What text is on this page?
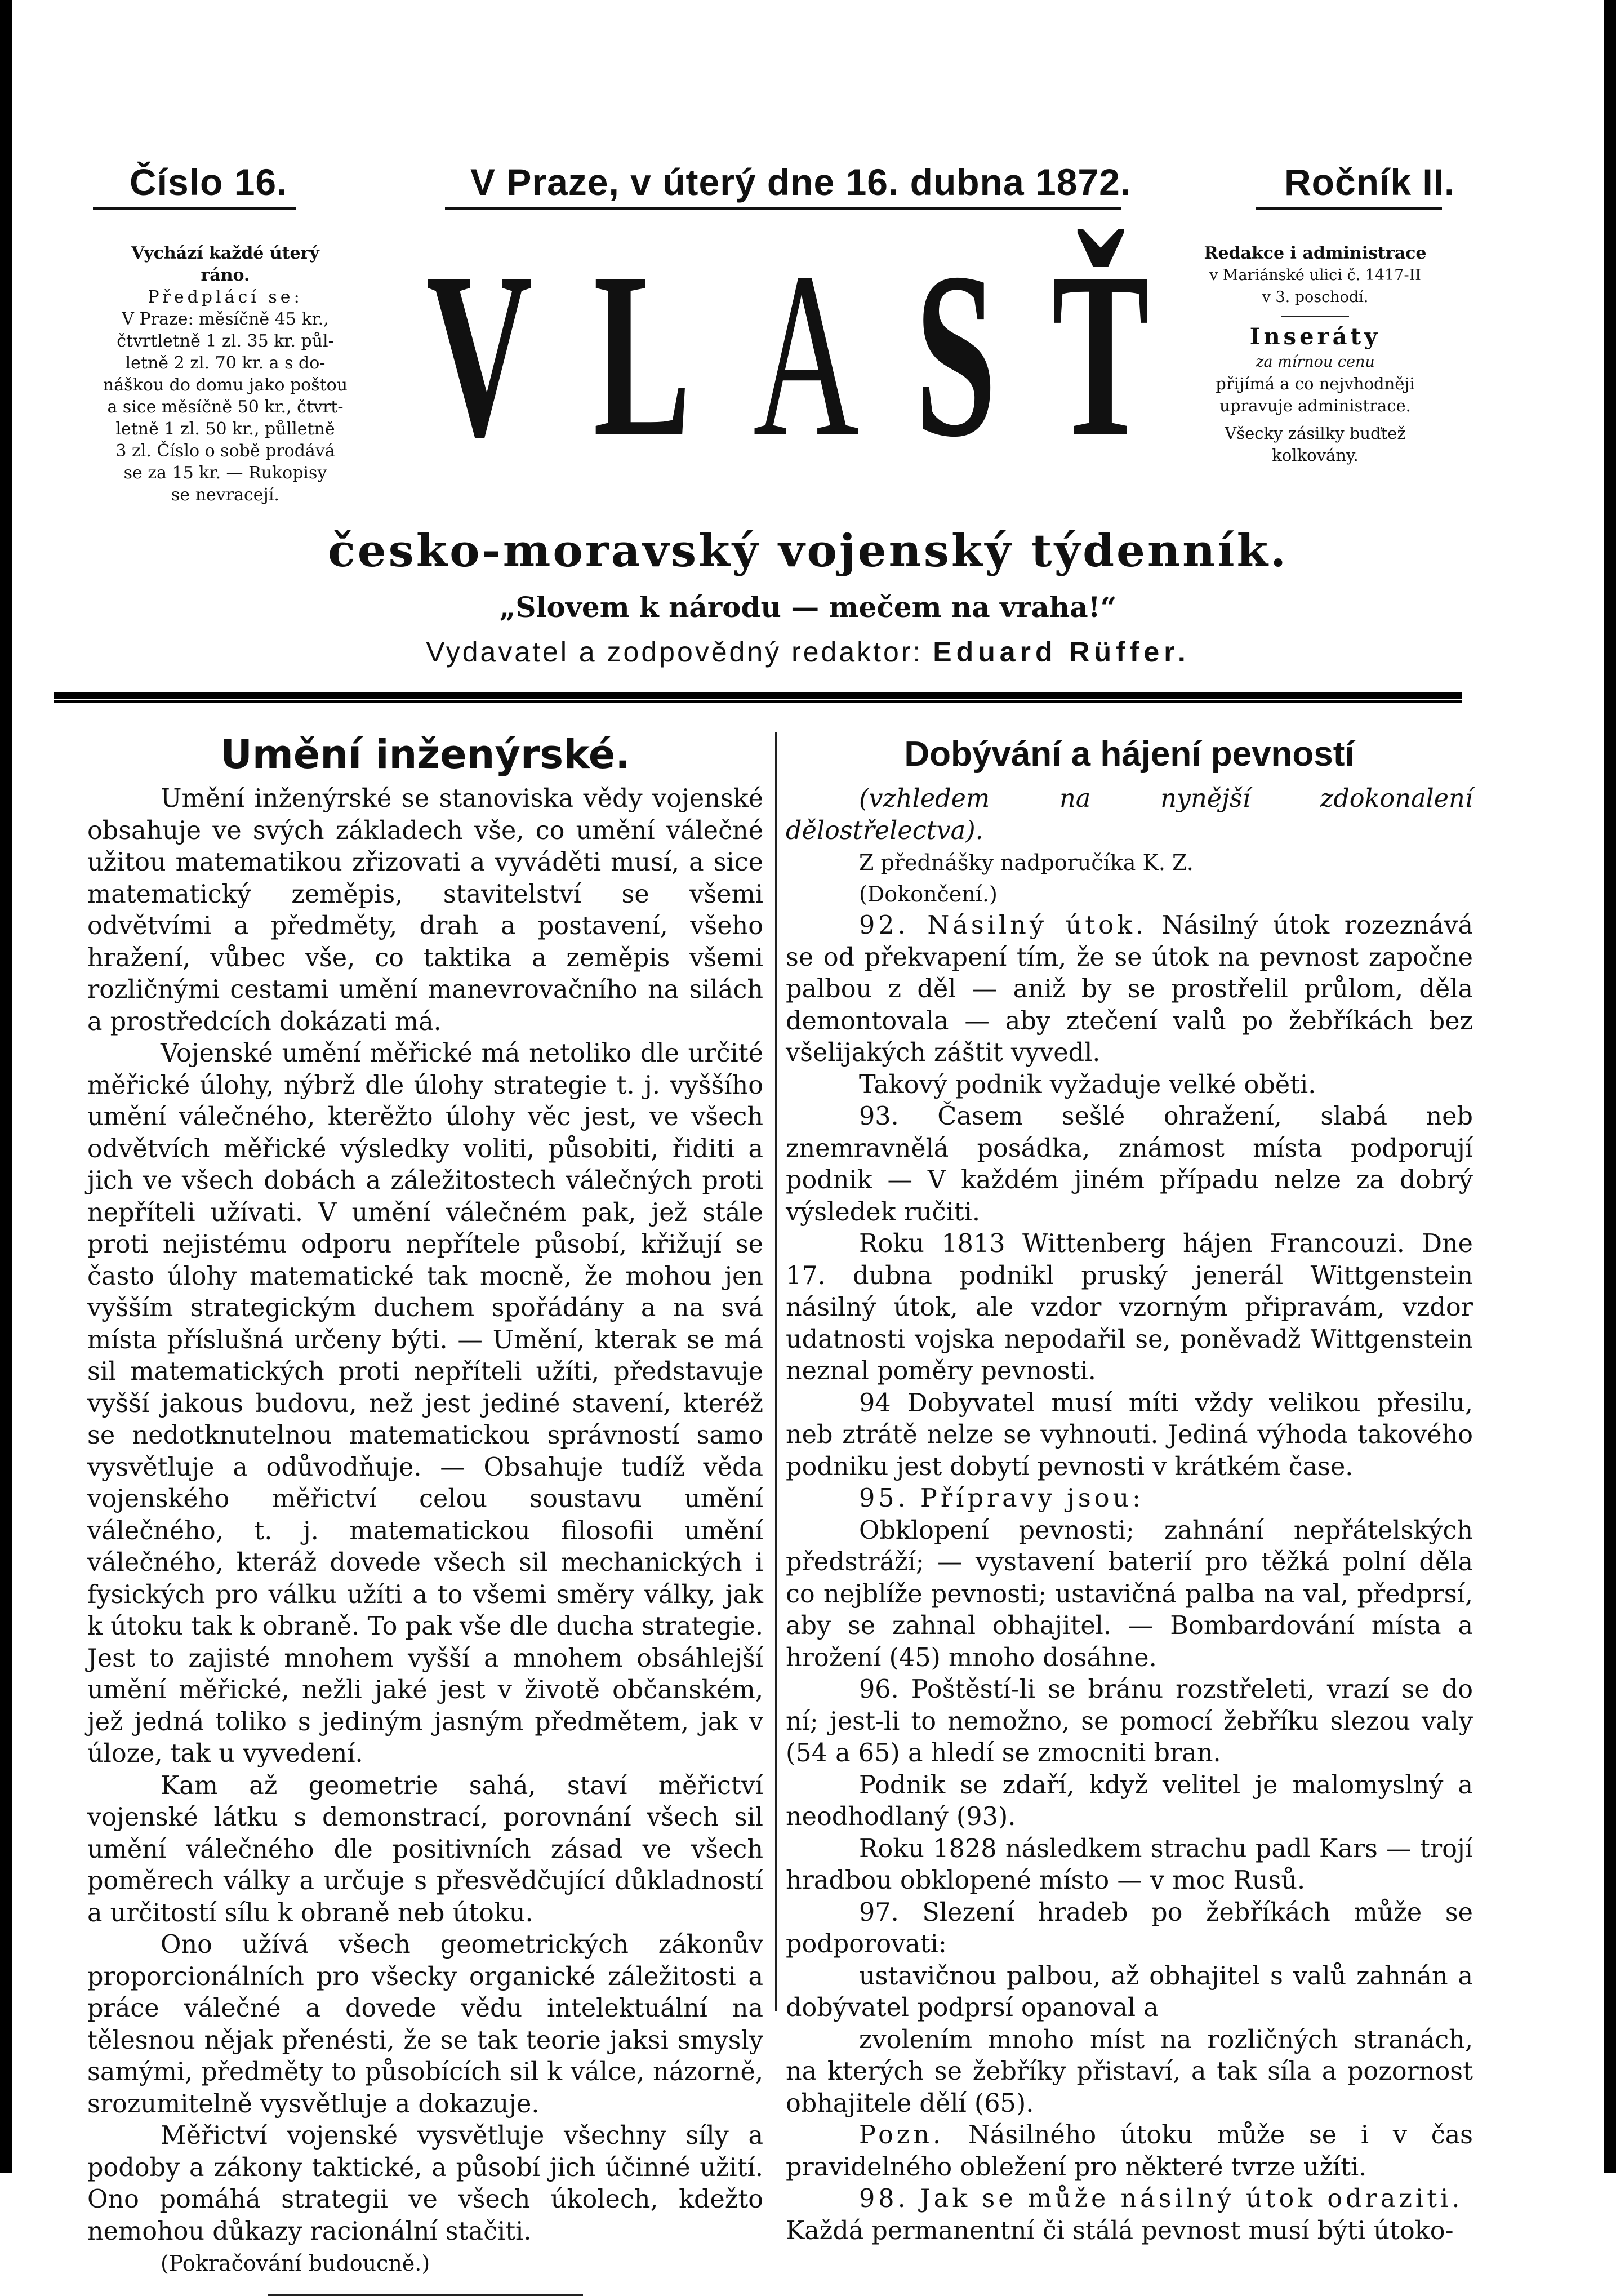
Číslo 16.	V Praze, v úterý dne 16. dubna 1872.	Ročník II.
Vychází každé úterý
ráno.
Předplácí se:
V Praze: měsíčně 45 kr.,
čtvrtletně 1 zl. 35 kr. půl-
letně 2 zl. 70 kr. a s do-
náškou do domu jako poštou
a sice měsíčně 50 kr., čtvrt-
letně 1 zl. 50 kr., půlletně
3 zl. Číslo o sobě prodává
se za 15 kr. — Rukopisy
se nevracejí.
V L A S Ť	Redakce i administrace
v Mariánské ulici č. 1417-II
v 3. poschodí.
Inseráty
za mírnou cenu
přijímá a co nejvhodněji
upravuje administrace.
Všecky zásilky buďtež
kolkovány.
česko-moravský vojenský týdenník.
„Slovem k národu — mečem na vraha!“
Vydavatel a zodpovědný redaktor: Eduard Rüffer.
Umění inženýrské.

Umění inženýrské se stanoviska vědy vojenské obsahuje ve svých základech vše, co umění válečné užitou matematikou zřizovati a vyváděti musí, a sice matematický zeměpis, stavitelství se všemi odvětvími a předměty, drah a postavení, všeho hražení, vůbec vše, co taktika a zeměpis všemi rozličnými cestami umění manevrovačního na silách a prostředcích dokázati má.

Vojenské umění měřické má netoliko dle určité měřické úlohy, nýbrž dle úlohy strategie t. j. vyššího umění válečného, kterěžto úlohy věc jest, ve všech odvětvích měřické výsledky voliti, působiti, řiditi a jich ve všech dobách a záležitostech válečných proti nepříteli užívati. V umění válečném pak, jež stále proti nejistému odporu nepřítele působí, křižují se často úlohy matematické tak mocně, že mohou jen vyšším strategickým duchem spořádány a na svá místa příslušná určeny býti. — Umění, kterak se má sil matematických proti nepříteli užíti, představuje vyšší jakous budovu, než jest jediné stavení, kteréž se nedotknutelnou matematickou správností samo vysvětluje a odůvodňuje. — Obsahuje tudíž věda vojenského měřictví celou soustavu umění válečného, t. j. matematickou filosofii umění válečného, kteráž dovede všech sil mechanických i fysických pro válku užíti a to všemi směry války, jak k útoku tak k obraně. To pak vše dle ducha strategie. Jest to zajisté mnohem vyšší a mnohem obsáhlejší umění měřické, nežli jaké jest v životě občanském, jež jedná toliko s jediným jasným předmětem, jak v úloze, tak u vyvedení.

Kam až geometrie sahá, staví měřictví vojenské látku s demonstrací, porovnání všech sil umění válečného dle positivních zásad ve všech poměrech války a určuje s přesvědčující důkladností a určitostí sílu k obraně neb útoku.

Ono užívá všech geometrických zákonův proporcionálních pro všecky organické záležitosti a práce válečné a dovede vědu intelektuální na tělesnou nějak přenésti, že se tak teorie jaksi smysly samými, předměty to působících sil k válce, názorně, srozumitelně vysvětluje a dokazuje.

Měřictví vojenské vysvětluje všechny síly a podoby a zákony taktické, a působí jich účinné užití. Ono pomáhá strategii ve všech úkolech, kdežto nemohou důkazy racionální stačiti.

(Pokračování budoucně.)

Dobývání a hájení pevností

(vzhledem na nynější zdokonalení dělostřelectva).

Z přednášky nadporučíka K. Z.

(Dokončení.)

92. Násilný útok. Násilný útok rozeznává se od překvapení tím, že se útok na pevnost započne palbou z děl — aniž by se prostřelil průlom, děla demontovala — aby ztečení valů po žebříkách bez všelijakých záštit vyvedl.

Takový podnik vyžaduje velké oběti.

93. Časem sešlé ohražení, slabá neb znemravnělá posádka, známost místa podporují podnik — V každém jiném případu nelze za dobrý výsledek ručiti.

Roku 1813 Wittenberg hájen Francouzi. Dne 17. dubna podnikl pruský jenerál Wittgenstein násilný útok, ale vzdor vzorným připravám, vzdor udatnosti vojska nepodařil se, poněvadž Wittgenstein neznal poměry pevnosti.

94 Dobyvatel musí míti vždy velikou přesilu, neb ztrátě nelze se vyhnouti. Jediná výhoda takového podniku jest dobytí pevnosti v krátkém čase.

95. Přípravy jsou:

Obklopení pevnosti; zahnání nepřátelských předstráží; — vystavení baterií pro těžká polní děla co nejblíže pevnosti; ustavičná palba na val, předprsí, aby se zahnal obhajitel. — Bombardování místa a hrožení (45) mnoho dosáhne.

96. Poštěstí-li se bránu rozstřeleti, vrazí se do ní; jest-li to nemožno, se pomocí žebříku slezou valy (54 a 65) a hledí se zmocniti bran.

Podnik se zdaří, když velitel je malomyslný a neodhodlaný (93).

Roku 1828 následkem strachu padl Kars — trojí hradbou obklopené místo — v moc Rusů.

97. Slezení hradeb po žebříkách může se podporovati:

ustavičnou palbou, až obhajitel s valů zahnán a dobývatel podprsí opanoval a

zvolením mnoho míst na rozličných stranách, na kterých se žebříky přistaví, a tak síla a pozornost obhajitele dělí (65).

Pozn. Násilného útoku může se i v čas pravidelného obležení pro některé tvrze užíti.

98. Jak se může násilný útok odraziti.

Každá permanentní či stálá pevnost musí býti útoko-
